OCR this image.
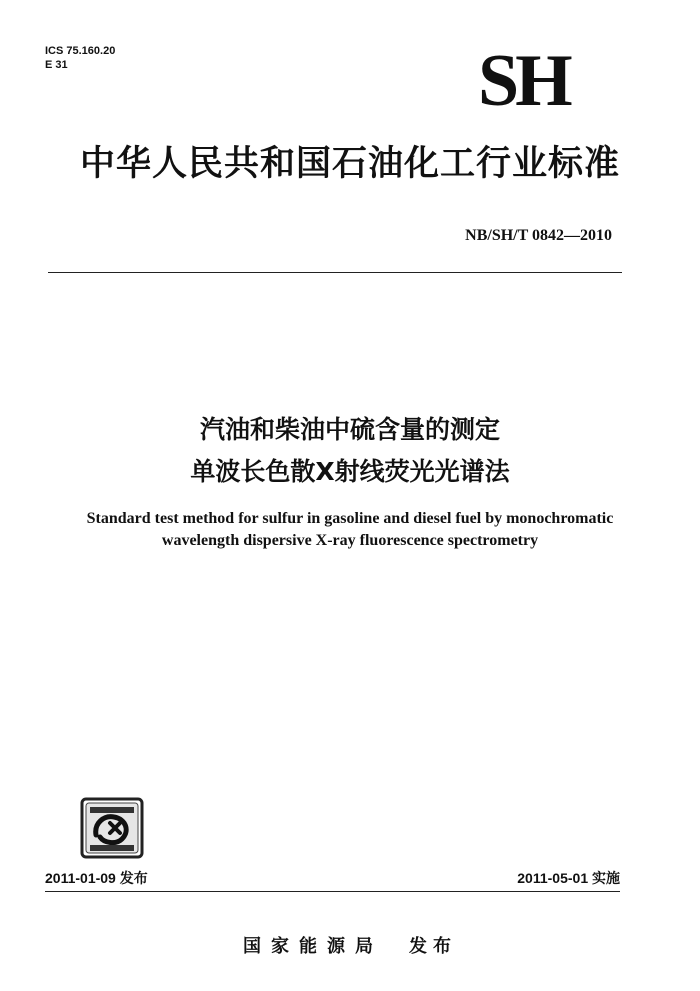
ICS 75.160.20
E 31	SH
中华人民共和国石油化工行业标准
NB/SH/T 0842—2010
汽油和柴油中硫含量的测定
单波长色散X射线荧光光谱法
Standard test method for sulfur in gasoline and diesel fuel by monochromatic
wavelength dispersive X-ray fluorescence spectrometry
2011-01-09 发布	2011-05-01 实施
国家能源局 发布
